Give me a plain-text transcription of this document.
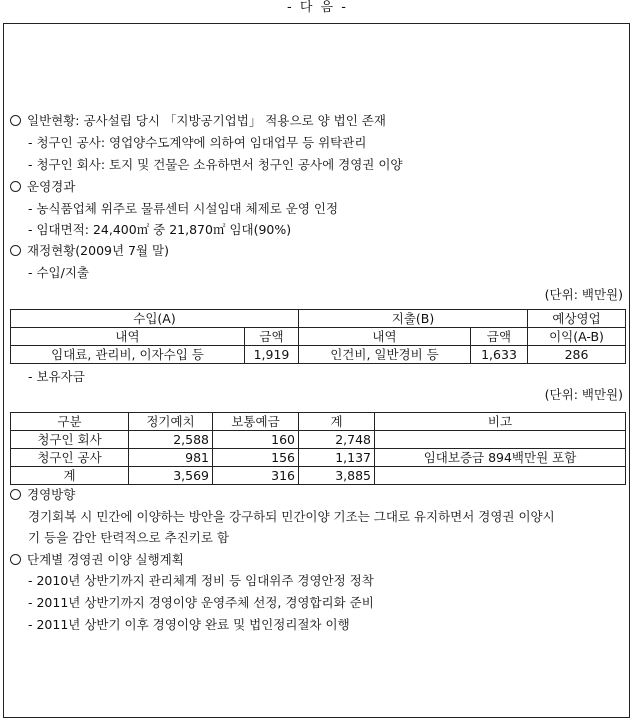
- 다 음 -
일반현황: 공사설립 당시 「지방공기업법」 적용으로 양 법인 존재
- 청구인 공사: 영업양수도계약에 의하여 임대업무 등 위탁관리
- 청구인 회사: 토지 및 건물은 소유하면서 청구인 공사에 경영권 이양
운영경과
- 농식품업체 위주로 물류센터 시설임대 체제로 운영 인정
- 임대면적: 24,400㎡ 중 21,870㎡ 임대(90%)
재정현황(2009년 7월 말)
- 수입/지출
(단위: 백만원)
수입(A)		지출(B)		예상영업
내역	금액	내역	금액	이익(A-B)
임대료, 관리비, 이자수입 등	1,919	인건비, 일반경비 등	1,633	286
- 보유자금
(단위: 백만원)
구분	정기예치	보통예금	계	비고
청구인 회사	2,588	160	2,748	
청구인 공사	981	156	1,137	임대보증금 894백만원 포함
계	3,569	316	3,885	
경영방향
경기회복 시 민간에 이양하는 방안을 강구하되 민간이양 기조는 그대로 유지하면서 경영권 이양시
기 등을 감안 탄력적으로 추진키로 함
단계별 경영권 이양 실행계획
- 2010년 상반기까지 관리체계 정비 등 임대위주 경영안정 정착
- 2011년 상반기까지 경영이양 운영주체 선정, 경영합리화 준비
- 2011년 상반기 이후 경영이양 완료 및 법인정리절차 이행
